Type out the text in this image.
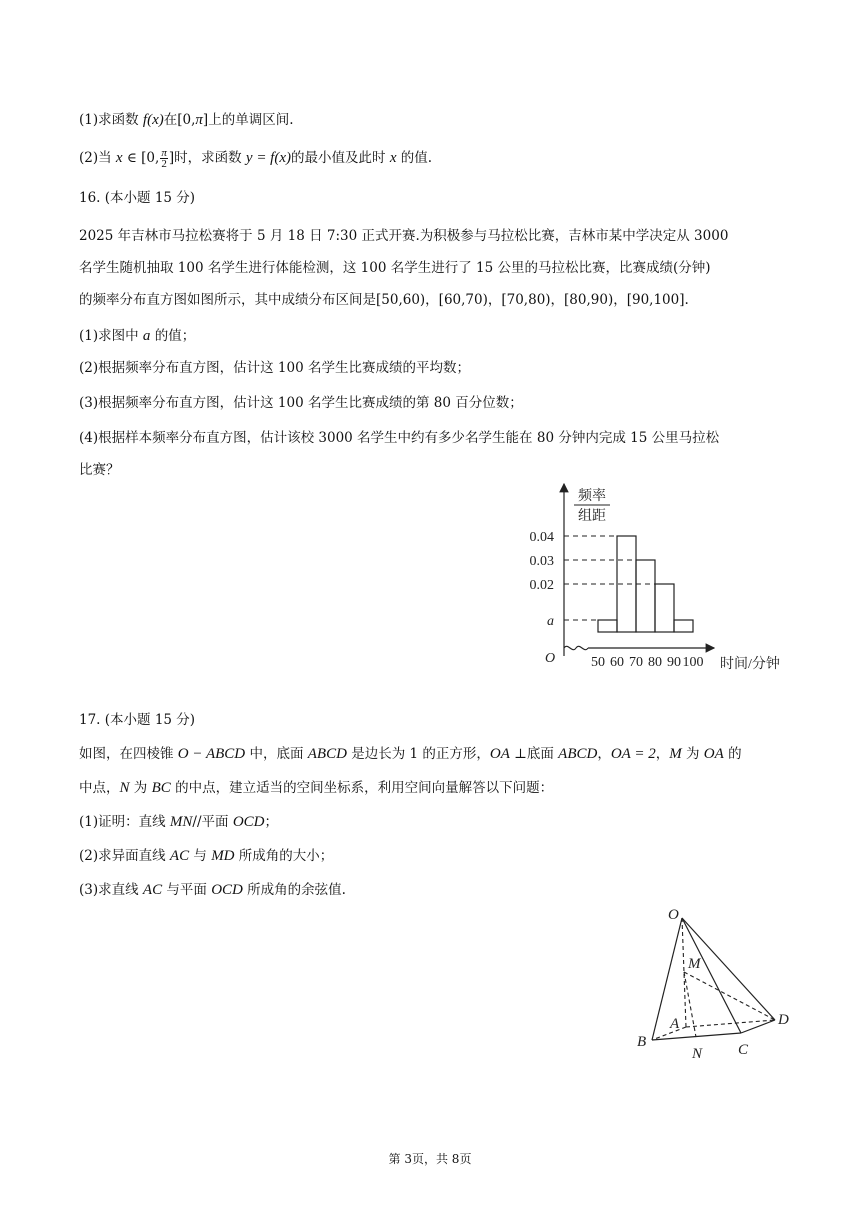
(1)求函数 f(x)在[0,π]上的单调区间.
(2)当 x ∈ [0, $\frac{\pi}{2}$ ]时，求函数 y = f(x)的最小值及此时 x 的值.
16. (本小题 15 分)
2025 年吉林市马拉松赛将于 5 月 18 日 7:30 正式开赛.为积极参与马拉松比赛，吉林市某中学决定从 3000
名学生随机抽取 100 名学生进行体能检测，这 100 名学生进行了 15 公里的马拉松比赛，比赛成绩(分钟)
的频率分布直方图如图所示，其中成绩分布区间是[50,60)，[60,70)，[70,80)，[80,90)，[90,100].
(1)求图中 a 的值；
(2)根据频率分布直方图，估计这 100 名学生比赛成绩的平均数；
(3)根据频率分布直方图，估计这 100 名学生比赛成绩的第 80 百分位数；
(4)根据样本频率分布直方图，估计该校 3000 名学生中约有多少名学生能在 80 分钟内完成 15 公里马拉松
比赛？
频率
组距
O	时间/分钟
0.04
0.03
0.02
a
50 60 70 80 90 100
17. (本小题 15 分)
如图，在四棱锥 O − ABCD 中，底面 ABCD 是边长为 1 的正方形，OA ⊥底面 ABCD，OA = 2，M 为 OA 的
中点，N 为 BC 的中点，建立适当的空间坐标系，利用空间向量解答以下问题：
(1)证明：直线 MN//平面 OCD；
(2)求异面直线 AC 与 MD 所成角的大小；
(3)求直线 AC 与平面 OCD 所成角的余弦值.
O
M
A
B
N C
D
第 3页，共 8页
